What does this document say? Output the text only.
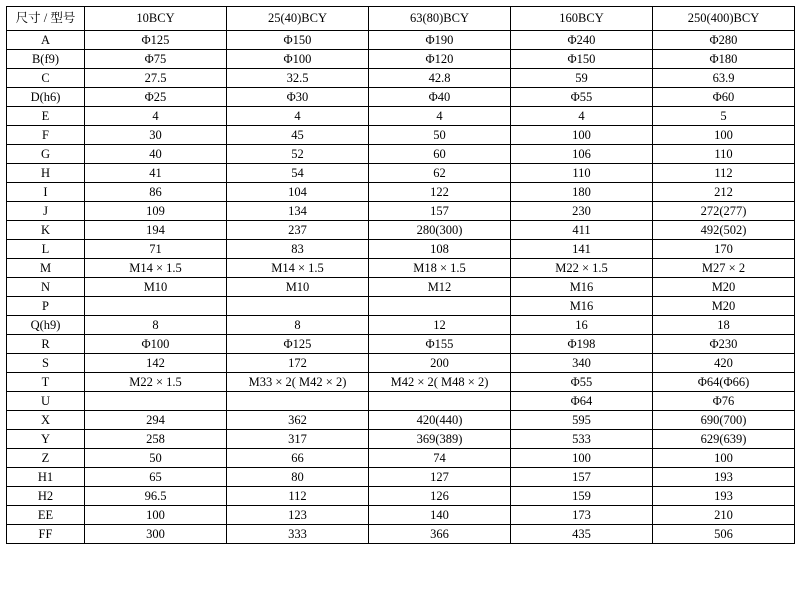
尺寸 / 型号	10BCY	25(40)BCY	63(80)BCY	160BCY	250(400)BCY
A	Φ125	Φ150	Φ190	Φ240	Φ280
B(f9)	Φ75	Φ100	Φ120	Φ150	Φ180
C	27.5	32.5	42.8	59	63.9
D(h6)	Φ25	Φ30	Φ40	Φ55	Φ60
E	4	4	4	4	5
F	30	45	50	100	100
G	40	52	60	106	110
H	41	54	62	110	112
I	86	104	122	180	212
J	109	134	157	230	272(277)
K	194	237	280(300)	411	492(502)
L	71	83	108	141	170
M	M14 × 1.5	M14 × 1.5	M18 × 1.5	M22 × 1.5	M27 × 2
N	M10	M10	M12	M16	M20
P				M16	M20
Q(h9)	8	8	12	16	18
R	Φ100	Φ125	Φ155	Φ198	Φ230
S	142	172	200	340	420
T	M22 × 1.5	M33 × 2( M42 × 2)	M42 × 2( M48 × 2)	Φ55	Φ64(Φ66)
U				Φ64	Φ76
X	294	362	420(440)	595	690(700)
Y	258	317	369(389)	533	629(639)
Z	50	66	74	100	100
H1	65	80	127	157	193
H2	96.5	112	126	159	193
EE	100	123	140	173	210
FF	300	333	366	435	506
